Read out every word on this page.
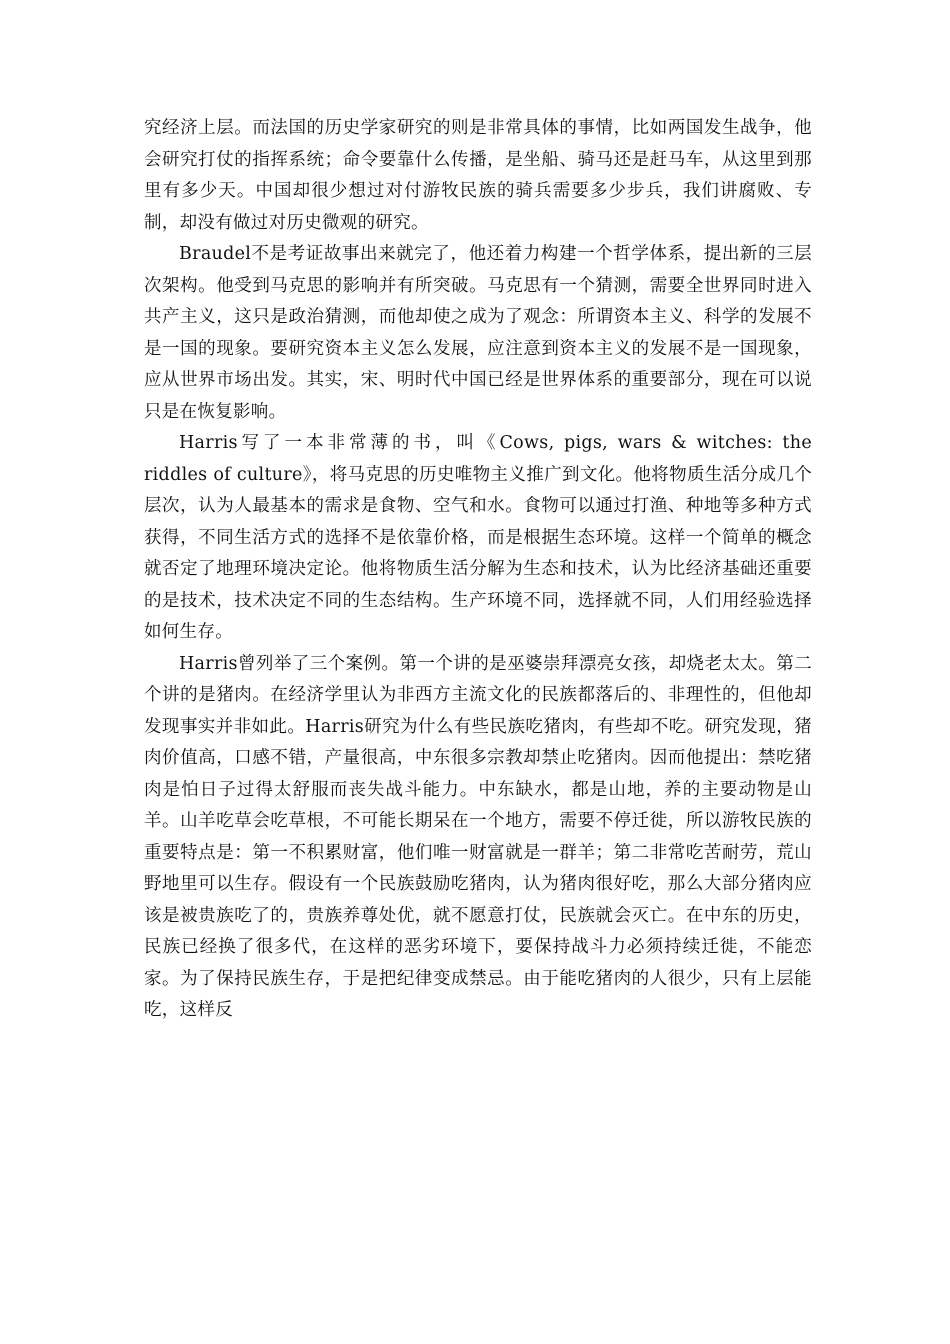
究经济上层。而法国的历史学家研究的则是非常具体的事情，比如两国发生战争，他会研究打仗的指挥系统；命令要靠什么传播，是坐船、骑马还是赶马车，从这里到那里有多少天。中国却很少想过对付游牧民族的骑兵需要多少步兵，我们讲腐败、专制，却没有做过对历史微观的研究。

Braudel不是考证故事出来就完了，他还着力构建一个哲学体系，提出新的三层次架构。他受到马克思的影响并有所突破。马克思有一个猜测，需要全世界同时进入共产主义，这只是政治猜测，而他却使之成为了观念：所谓资本主义、科学的发展不是一国的现象。要研究资本主义怎么发展，应注意到资本主义的发展不是一国现象，应从世界市场出发。其实，宋、明时代中国已经是世界体系的重要部分，现在可以说只是在恢复影响。

Harris写了一本非常薄的书，叫《Cows, pigs, wars & witches: the riddles of culture》，将马克思的历史唯物主义推广到文化。他将物质生活分成几个层次，认为人最基本的需求是食物、空气和水。食物可以通过打渔、种地等多种方式获得，不同生活方式的选择不是依靠价格，而是根据生态环境。这样一个简单的概念就否定了地理环境决定论。他将物质生活分解为生态和技术，认为比经济基础还重要的是技术，技术决定不同的生态结构。生产环境不同，选择就不同，人们用经验选择如何生存。

Harris曾列举了三个案例。第一个讲的是巫婆崇拜漂亮女孩，却烧老太太。第二个讲的是猪肉。在经济学里认为非西方主流文化的民族都落后的、非理性的，但他却发现事实并非如此。Harris研究为什么有些民族吃猪肉，有些却不吃。研究发现，猪肉价值高，口感不错，产量很高，中东很多宗教却禁止吃猪肉。因而他提出：禁吃猪肉是怕日子过得太舒服而丧失战斗能力。中东缺水，都是山地，养的主要动物是山羊。山羊吃草会吃草根，不可能长期呆在一个地方，需要不停迁徙，所以游牧民族的重要特点是：第一不积累财富，他们唯一财富就是一群羊；第二非常吃苦耐劳，荒山野地里可以生存。假设有一个民族鼓励吃猪肉，认为猪肉很好吃，那么大部分猪肉应该是被贵族吃了的，贵族养尊处优，就不愿意打仗，民族就会灭亡。在中东的历史，民族已经换了很多代，在这样的恶劣环境下，要保持战斗力必须持续迁徙，不能恋家。为了保持民族生存，于是把纪律变成禁忌。由于能吃猪肉的人很少，只有上层能吃，这样反
